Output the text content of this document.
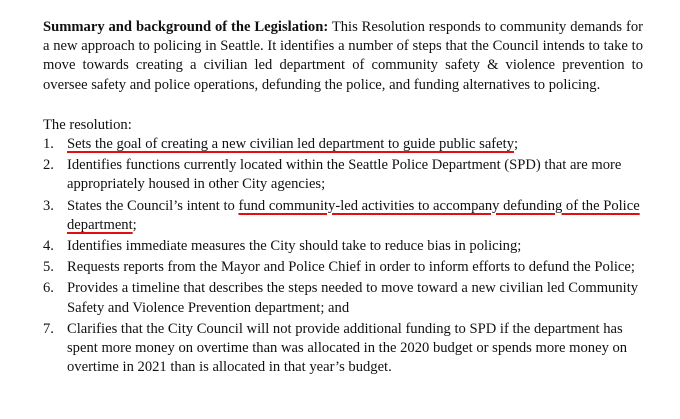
Summary and background of the Legislation: This Resolution responds to community demands for a new approach to policing in Seattle. It identifies a number of steps that the Council intends to take to move towards creating a civilian led department of community safety & violence prevention to oversee safety and police operations, defunding the police, and funding alternatives to policing.

The resolution:

1. Sets the goal of creating a new civilian led department to guide public safety;
2. Identifies functions currently located within the Seattle Police Department (SPD) that are more appropriately housed in other City agencies;
3. States the Council’s intent to fund community-led activities to accompany defunding of the Police department;
4. Identifies immediate measures the City should take to reduce bias in policing;
5. Requests reports from the Mayor and Police Chief in order to inform efforts to defund the Police;
6. Provides a timeline that describes the steps needed to move toward a new civilian led Community Safety and Violence Prevention department; and
7. Clarifies that the City Council will not provide additional funding to SPD if the department has spent more money on overtime than was allocated in the 2020 budget or spends more money on overtime in 2021 than is allocated in that year’s budget.
